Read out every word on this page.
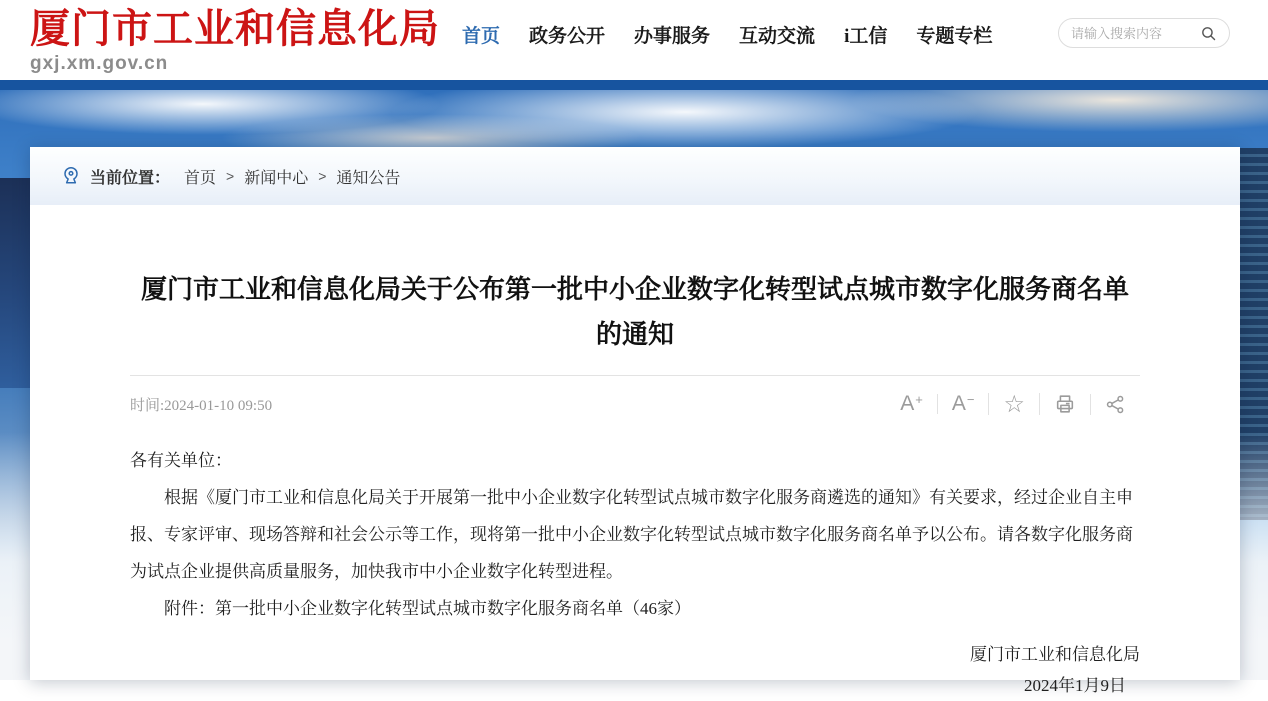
厦门市工业和信息化局
gxj.xm.gov.cn
首页 政务公开 办事服务 互动交流 i工信 专题专栏
请输入搜索内容
当前位置： 首页 > 新闻中心 > 通知公告
厦门市工业和信息化局关于公布第一批中小企业数字化转型试点城市数字化服务商名单的通知
时间:2024-01-10 09:50	A+ A− ☆

各有关单位：

根据《厦门市工业和信息化局关于开展第一批中小企业数字化转型试点城市数字化服务商遴选的通知》有关要求，经过企业自主申报、专家评审、现场答辩和社会公示等工作，现将第一批中小企业数字化转型试点城市数字化服务商名单予以公布。请各数字化服务商为试点企业提供高质量服务，加快我市中小企业数字化转型进程。

附件：第一批中小企业数字化转型试点城市数字化服务商名单（46家）

厦门市工业和信息化局
2024年1月9日
